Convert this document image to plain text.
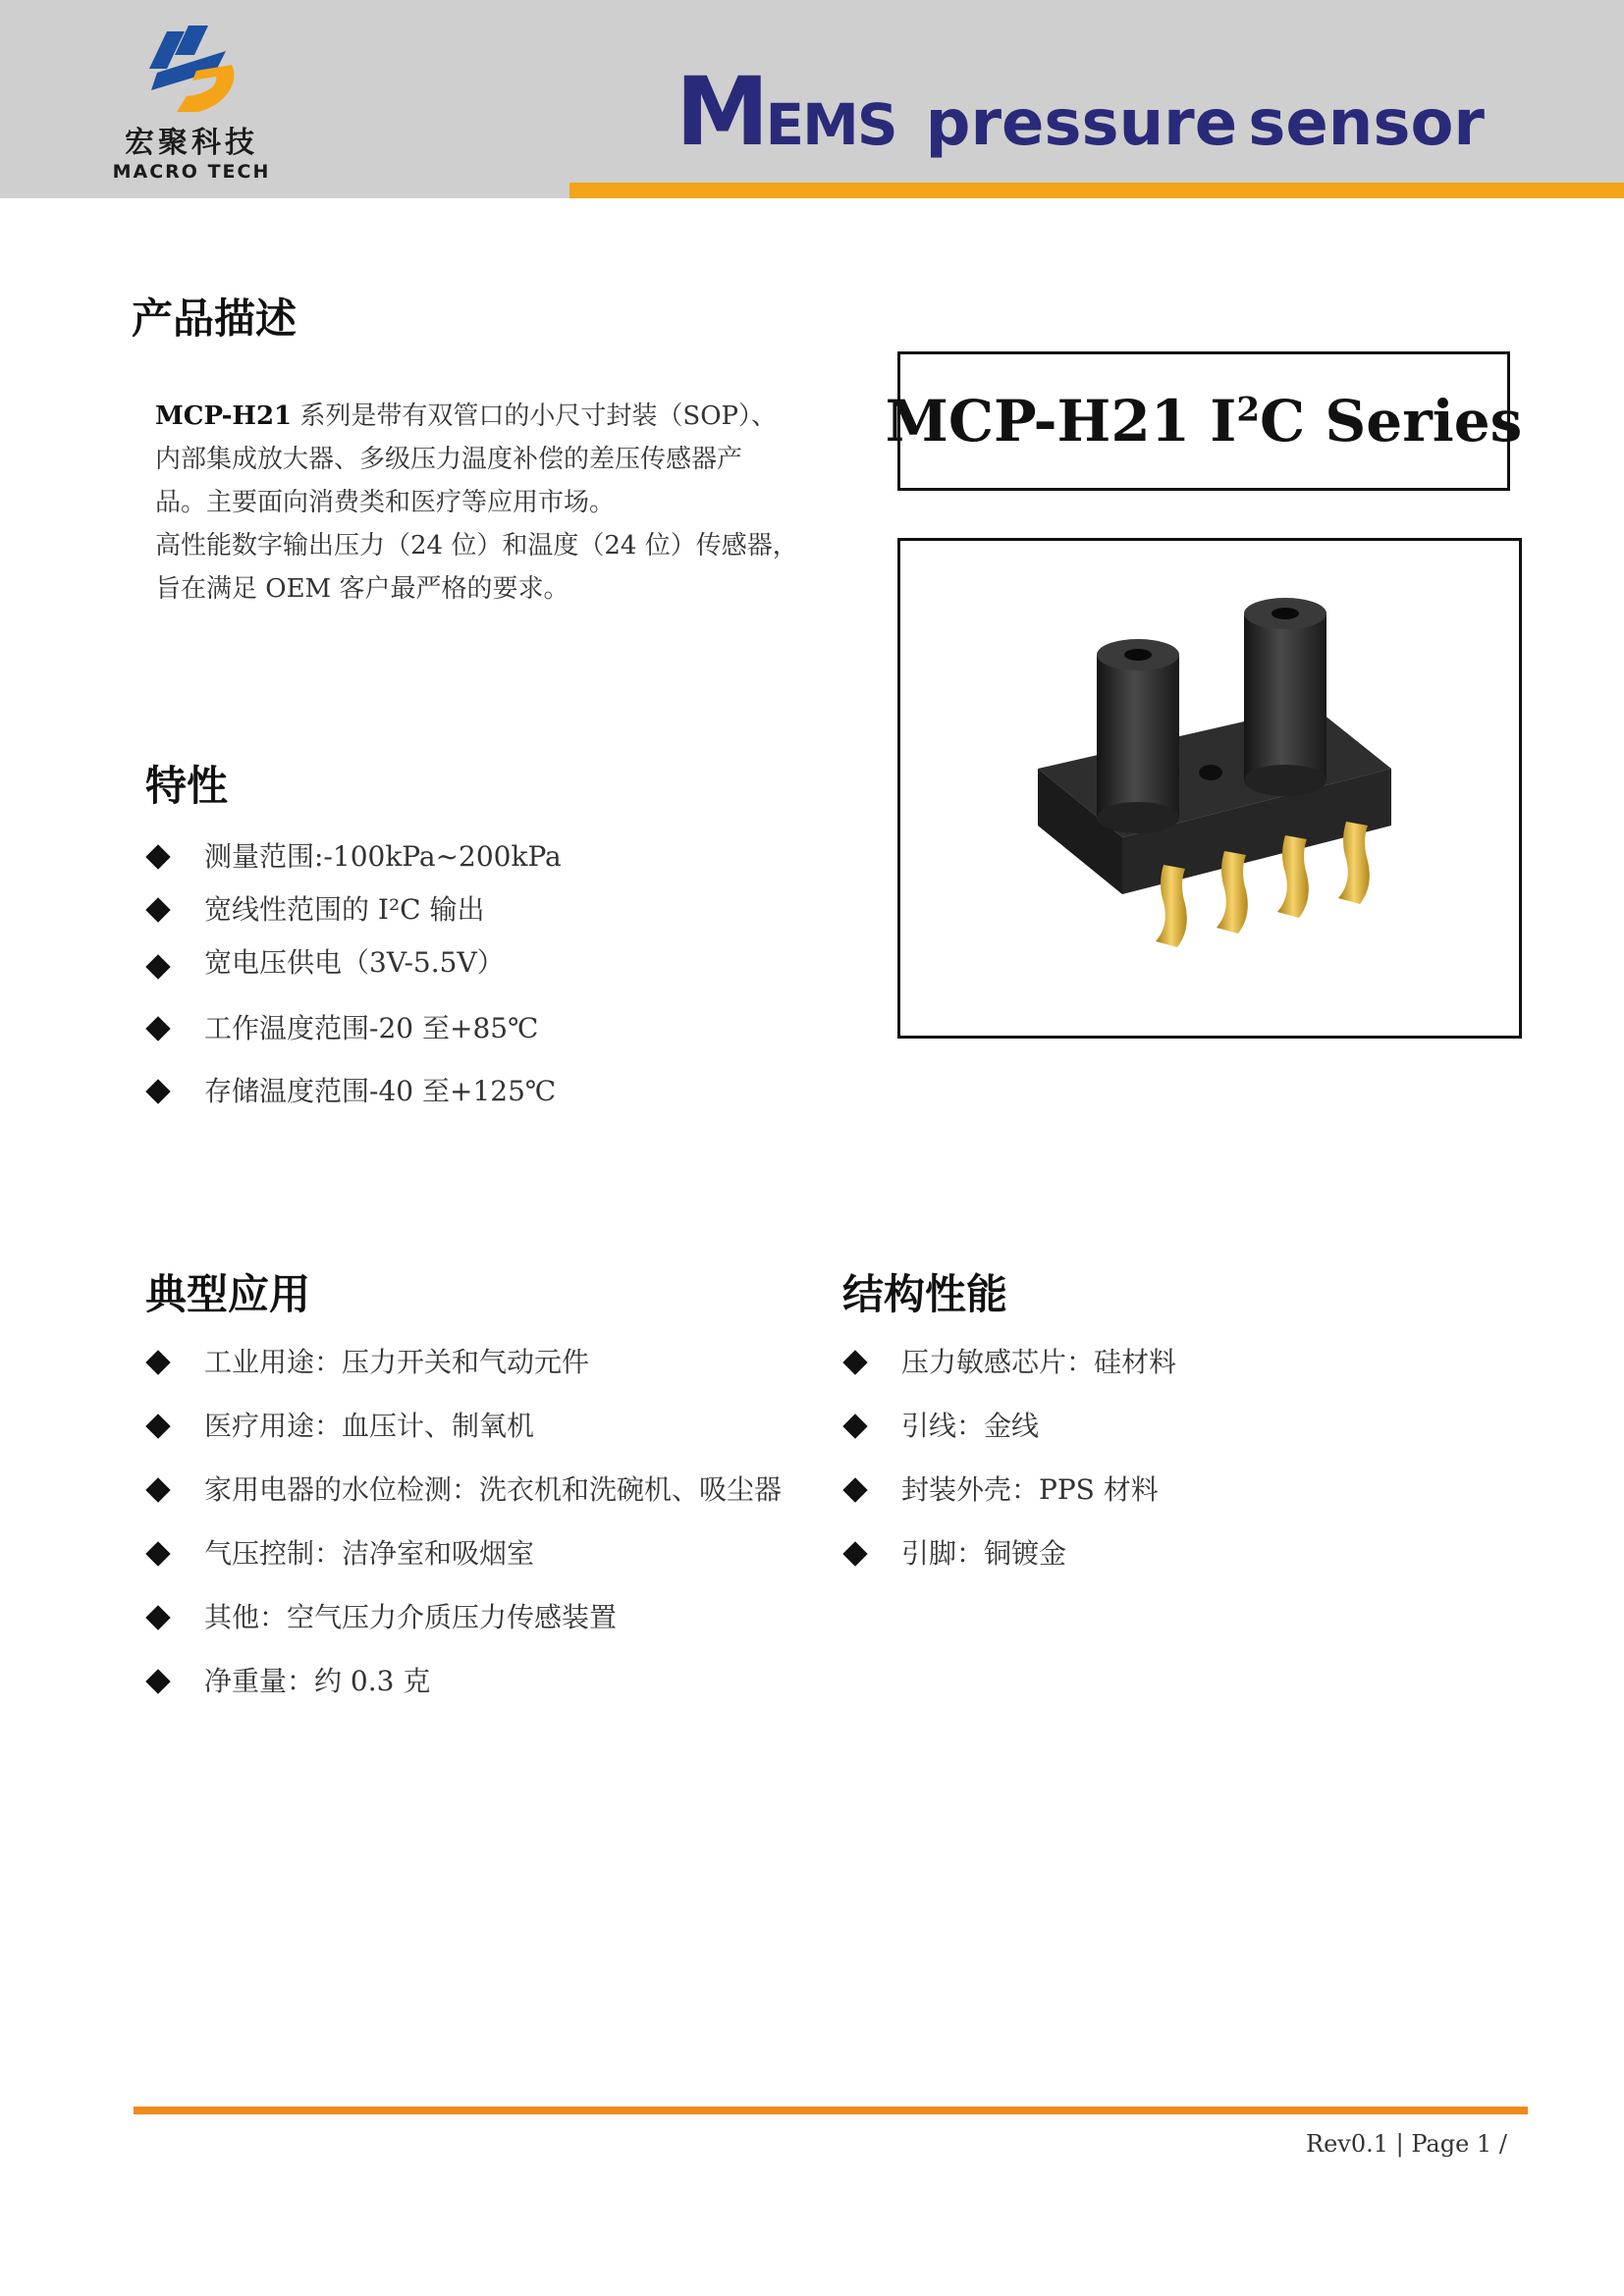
宏聚科技
MACRO TECH
MEMS pressure sensor
产品描述
MCP-H21 系列是带有双管口的小尺寸封装（SOP）、
内部集成放大器、多级压力温度补偿的差压传感器产
品。主要面向消费类和医疗等应用市场。
高性能数字输出压力（24 位）和温度（24 位）传感器，
旨在满足 OEM 客户最严格的要求。
MCP-H21 $I^2C$ Series
特性
测量范围:-100kPa~200kPa
宽线性范围的 I²C 输出
宽电压供电（3V-5.5V）
工作温度范围-20 至+85℃
存储温度范围-40 至+125℃
典型应用
工业用途：压力开关和气动元件
医疗用途：血压计、制氧机
家用电器的水位检测：洗衣机和洗碗机、吸尘器
气压控制：洁净室和吸烟室
其他：空气压力介质压力传感装置
净重量：约 0.3 克
结构性能
压力敏感芯片：硅材料
引线：金线
封装外壳：PPS 材料
引脚：铜镀金
Rev0.1 | Page 1 /
